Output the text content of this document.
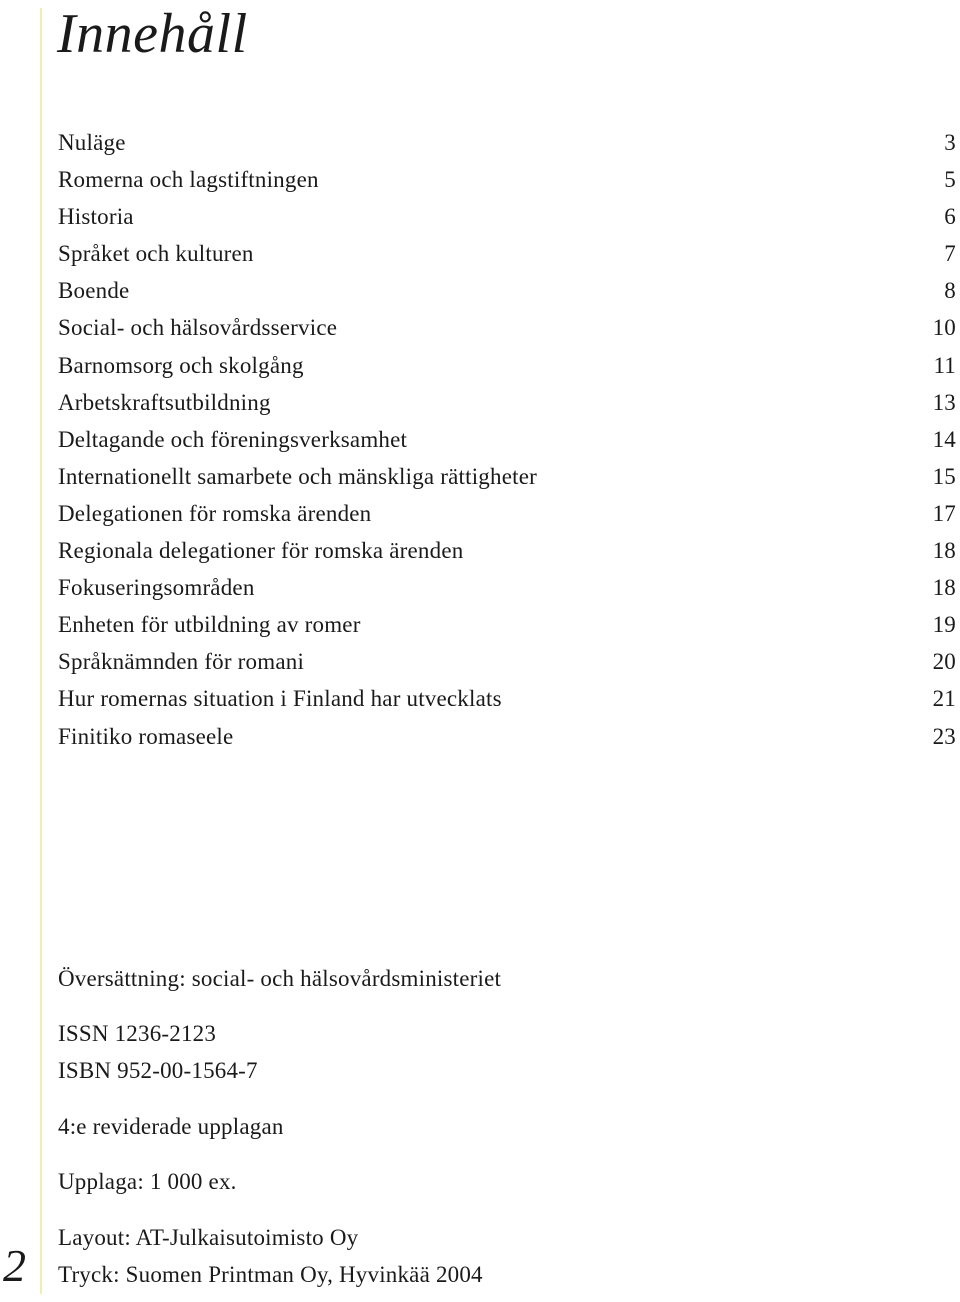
Innehåll
Nuläge	3
Romerna och lagstiftningen	5
Historia	6
Språket och kulturen	7
Boende	8
Social- och hälsovårdsservice	10
Barnomsorg och skolgång	11
Arbetskraftsutbildning	13
Deltagande och föreningsverksamhet	14
Internationellt samarbete och mänskliga rättigheter	15
Delegationen för romska ärenden	17
Regionala delegationer för romska ärenden	18
Fokuseringsområden	18
Enheten för utbildning av romer	19
Språknämnden för romani	20
Hur romernas situation i Finland har utvecklats	21
Finitiko romaseele	23
Översättning: social- och hälsovårdsministeriet
ISSN 1236-2123
ISBN 952-00-1564-7
4:e reviderade upplagan
Upplaga: 1 000 ex.
Layout: AT-Julkaisutoimisto Oy
Tryck: Suomen Printman Oy, Hyvinkää 2004
2
